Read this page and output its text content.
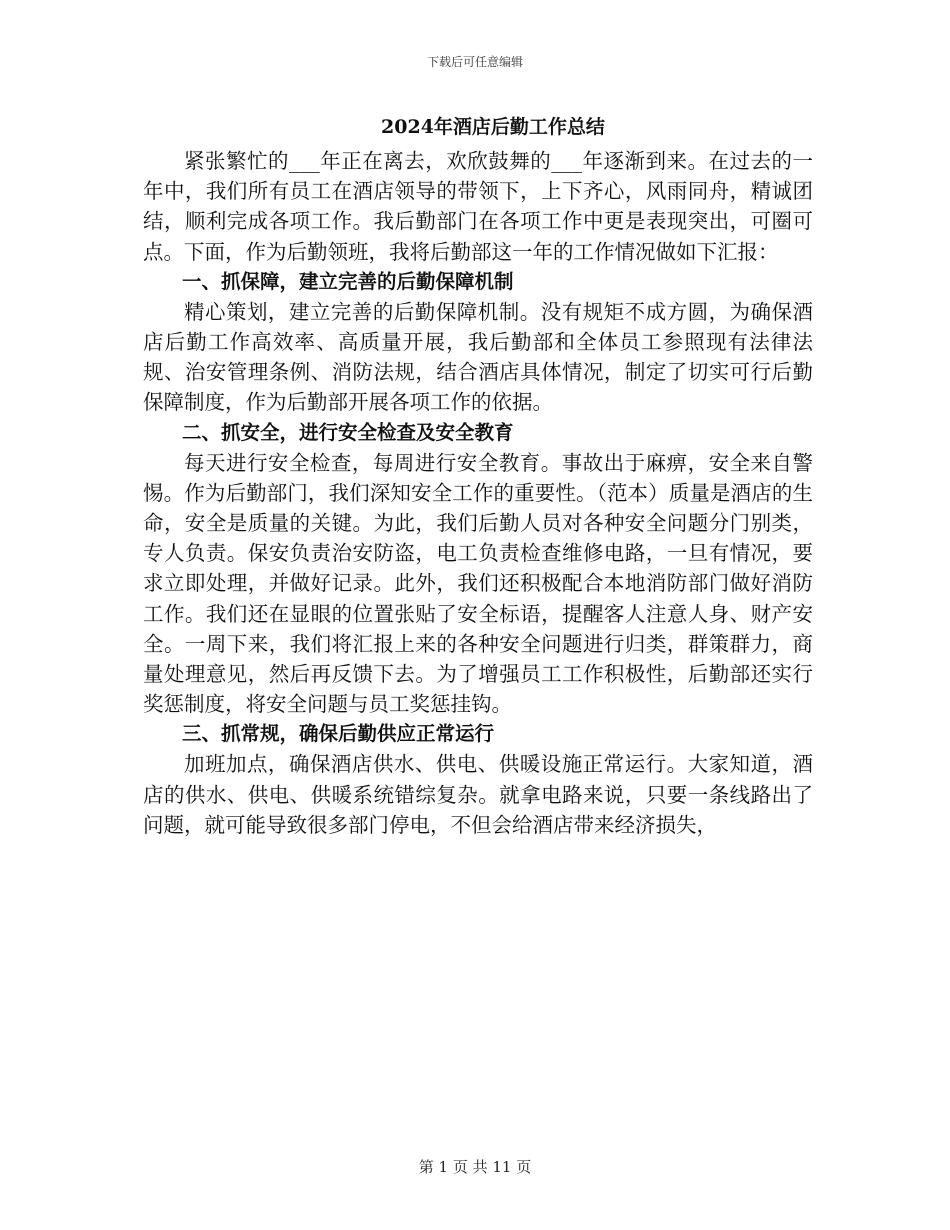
下载后可任意编辑
2024年酒店后勤工作总结

紧张繁忙的___年正在离去，欢欣鼓舞的___年逐渐到来。在过去的一年中，我们所有员工在酒店领导的带领下，上下齐心，风雨同舟，精诚团结，顺利完成各项工作。我后勤部门在各项工作中更是表现突出，可圈可点。下面，作为后勤领班，我将后勤部这一年的工作情况做如下汇报：

一、抓保障，建立完善的后勤保障机制

精心策划，建立完善的后勤保障机制。没有规矩不成方圆，为确保酒店后勤工作高效率、高质量开展，我后勤部和全体员工参照现有法律法规、治安管理条例、消防法规，结合酒店具体情况，制定了切实可行后勤保障制度，作为后勤部开展各项工作的依据。

二、抓安全，进行安全检查及安全教育

每天进行安全检查，每周进行安全教育。事故出于麻痹，安全来自警惕。作为后勤部门，我们深知安全工作的重要性。（范本）质量是酒店的生命，安全是质量的关键。为此，我们后勤人员对各种安全问题分门别类，专人负责。保安负责治安防盗，电工负责检查维修电路，一旦有情况，要求立即处理，并做好记录。此外，我们还积极配合本地消防部门做好消防工作。我们还在显眼的位置张贴了安全标语，提醒客人注意人身、财产安全。一周下来，我们将汇报上来的各种安全问题进行归类，群策群力，商量处理意见，然后再反馈下去。为了增强员工工作积极性，后勤部还实行奖惩制度，将安全问题与员工奖惩挂钩。

三、抓常规，确保后勤供应正常运行

加班加点，确保酒店供水、供电、供暖设施正常运行。大家知道，酒店的供水、供电、供暖系统错综复杂。就拿电路来说，只要一条线路出了问题，就可能导致很多部门停电，不但会给酒店带来经济损失，

第 1 页 共 11 页
